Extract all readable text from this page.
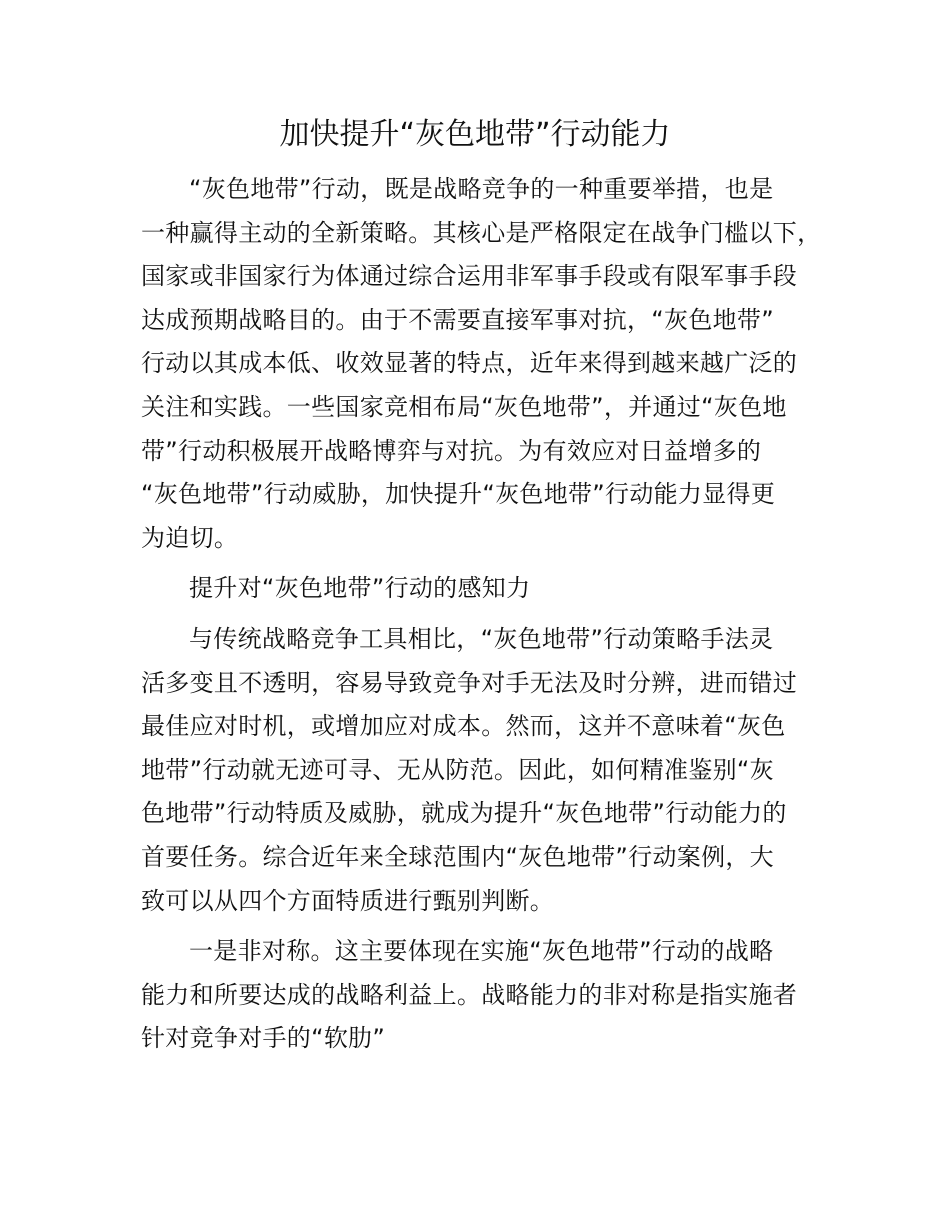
加快提升“灰色地带”行动能力
“灰色地带”行动，既是战略竞争的一种重要举措，也是
一种赢得主动的全新策略。其核心是严格限定在战争门槛以下，
国家或非国家行为体通过综合运用非军事手段或有限军事手段
达成预期战略目的。由于不需要直接军事对抗，“灰色地带”
行动以其成本低、收效显著的特点，近年来得到越来越广泛的
关注和实践。一些国家竞相布局“灰色地带”，并通过“灰色地
带”行动积极展开战略博弈与对抗。为有效应对日益增多的
“灰色地带”行动威胁，加快提升“灰色地带”行动能力显得更
为迫切。
提升对“灰色地带”行动的感知力
与传统战略竞争工具相比，“灰色地带”行动策略手法灵
活多变且不透明，容易导致竞争对手无法及时分辨，进而错过
最佳应对时机，或增加应对成本。然而，这并不意味着“灰色
地带”行动就无迹可寻、无从防范。因此，如何精准鉴别“灰
色地带”行动特质及威胁，就成为提升“灰色地带”行动能力的
首要任务。综合近年来全球范围内“灰色地带”行动案例，大
致可以从四个方面特质进行甄别判断。
一是非对称。这主要体现在实施“灰色地带”行动的战略
能力和所要达成的战略利益上。战略能力的非对称是指实施者
针对竞争对手的“软肋”
